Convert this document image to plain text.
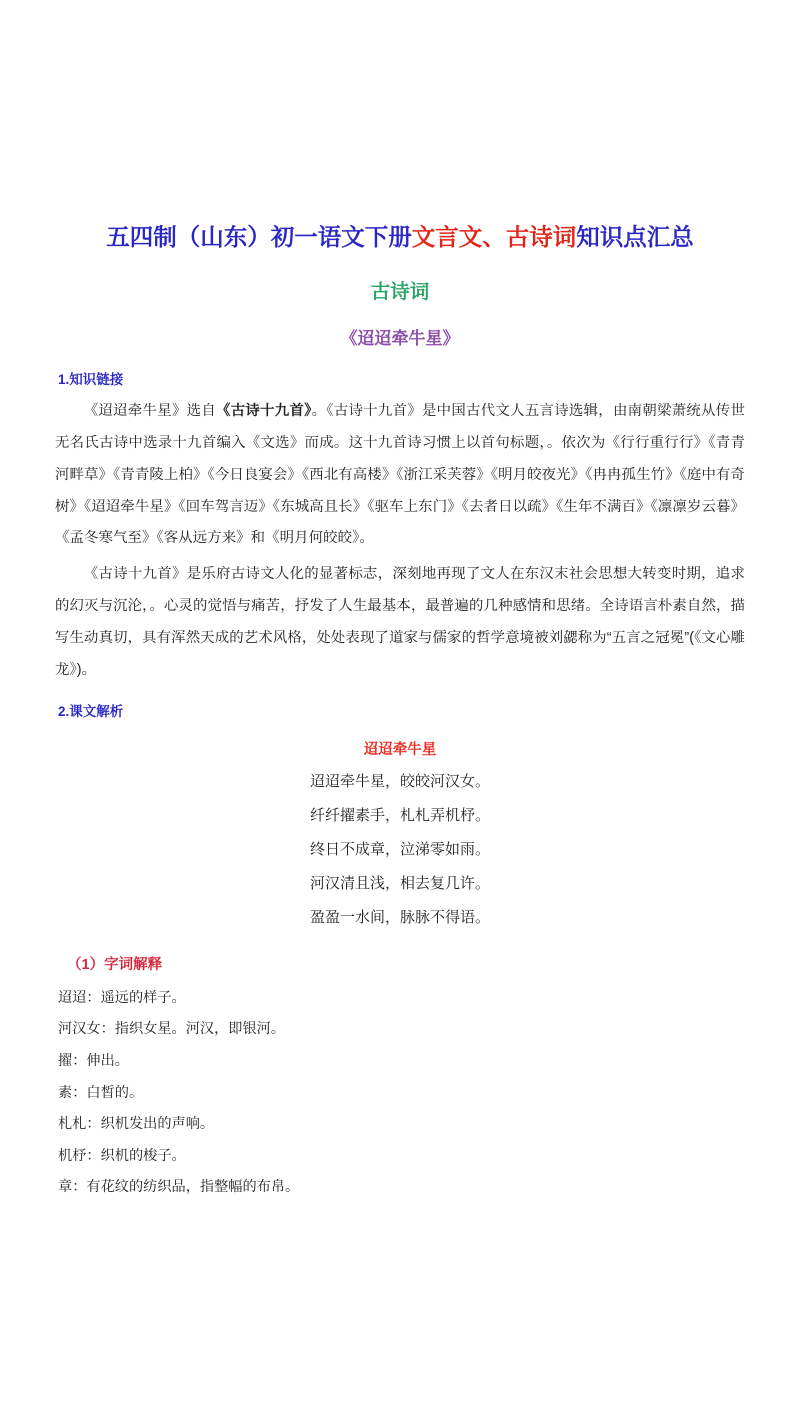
五四制（山东）初一语文下册文言文、古诗词知识点汇总
古诗词
《迢迢牵牛星》
1.知识链接

《迢迢牵牛星》选自《古诗十九首》。《古诗十九首》是中国古代文人五言诗选辑，由南朝梁萧统从传世无名氏古诗中选录十九首编入《文选》而成。这十九首诗习惯上以首句标题，。依次为《行行重行行》《青青河畔草》《青青陵上柏》《今日良宴会》《西北有高楼》《浙江采芙蓉》《明月皎夜光》《冉冉孤生竹》《庭中有奇树》《迢迢牵牛星》《回车驾言迈》《东城高且长》《驱车上东门》《去者日以疏》《生年不满百》《凛凛岁云暮》《孟冬寒气至》《客从远方来》和《明月何皎皎》。

《古诗十九首》是乐府古诗文人化的显著标志，深刻地再现了文人在东汉末社会思想大转变时期，追求的幻灭与沉沦，。心灵的觉悟与痛苦，抒发了人生最基本，最普遍的几种感情和思绪。全诗语言朴素自然，描写生动真切，具有浑然天成的艺术风格，处处表现了道家与儒家的哲学意境被刘勰称为“五言之冠冕”(《文心雕龙》)。

2.课文解析
迢迢牵牛星
迢迢牵牛星，皎皎河汉女。
纤纤擢素手，札札弄机杼。
终日不成章，泣涕零如雨。
河汉清且浅，相去复几许。
盈盈一水间，脉脉不得语。
（1）字词解释
迢迢：遥远的样子。
河汉女：指织女星。河汉，即银河。
擢：伸出。
素：白皙的。
札札：织机发出的声响。
机杼：织机的梭子。
章：有花纹的纺织品，指整幅的布帛。
